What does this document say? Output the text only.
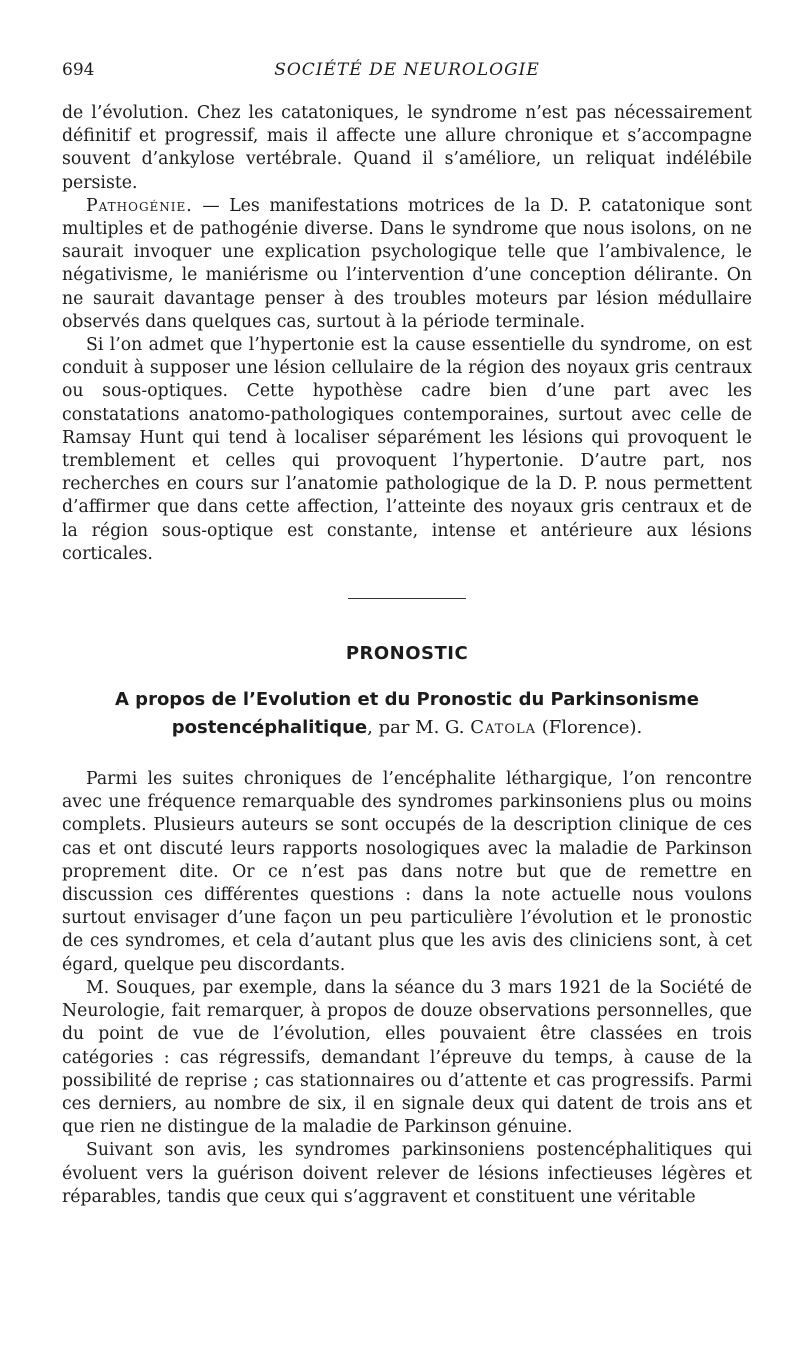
694	SOCIÉTÉ DE NEUROLOGIE

de l’évolution. Chez les catatoniques, le syndrome n’est pas nécessairement définitif et progressif, mais il affecte une allure chronique et s’accompagne souvent d’ankylose vertébrale. Quand il s’améliore, un reliquat indélébile persiste.

Pathogénie. — Les manifestations motrices de la D. P. catatonique sont multiples et de pathogénie diverse. Dans le syndrome que nous isolons, on ne saurait invoquer une explication psychologique telle que l’ambivalence, le négativisme, le maniérisme ou l’intervention d’une conception délirante. On ne saurait davantage penser à des troubles moteurs par lésion médullaire observés dans quelques cas, surtout à la période terminale.

Si l’on admet que l’hypertonie est la cause essentielle du syndrome, on est conduit à supposer une lésion cellulaire de la région des noyaux gris centraux ou sous-optiques. Cette hypothèse cadre bien d’une part avec les constatations anatomo-pathologiques contemporaines, surtout avec celle de Ramsay Hunt qui tend à localiser séparément les lésions qui provoquent le tremblement et celles qui provoquent l’hypertonie. D’autre part, nos recherches en cours sur l’anatomie pathologique de la D. P. nous permettent d’affirmer que dans cette affection, l’atteinte des noyaux gris centraux et de la région sous-optique est constante, intense et antérieure aux lésions corticales.

PRONOSTIC
A propos de l’Evolution et du Pronostic du Parkinsonisme
postencéphalitique, par M. G. Catola (Florence).

Parmi les suites chroniques de l’encéphalite léthargique, l’on rencontre avec une fréquence remarquable des syndromes parkinsoniens plus ou moins complets. Plusieurs auteurs se sont occupés de la description clinique de ces cas et ont discuté leurs rapports nosologiques avec la maladie de Parkinson proprement dite. Or ce n’est pas dans notre but que de remettre en discussion ces différentes questions : dans la note actuelle nous voulons surtout envisager d’une façon un peu particulière l’évolution et le pronostic de ces syndromes, et cela d’autant plus que les avis des cliniciens sont, à cet égard, quelque peu discordants.

M. Souques, par exemple, dans la séance du 3 mars 1921 de la Société de Neurologie, fait remarquer, à propos de douze observations personnelles, que du point de vue de l’évolution, elles pouvaient être classées en trois catégories : cas régressifs, demandant l’épreuve du temps, à cause de la possibilité de reprise ; cas stationnaires ou d’attente et cas progressifs. Parmi ces derniers, au nombre de six, il en signale deux qui datent de trois ans et que rien ne distingue de la maladie de Parkinson génuine.

Suivant son avis, les syndromes parkinsoniens postencéphalitiques qui évoluent vers la guérison doivent relever de lésions infectieuses légères et réparables, tandis que ceux qui s’aggravent et constituent une véritable
